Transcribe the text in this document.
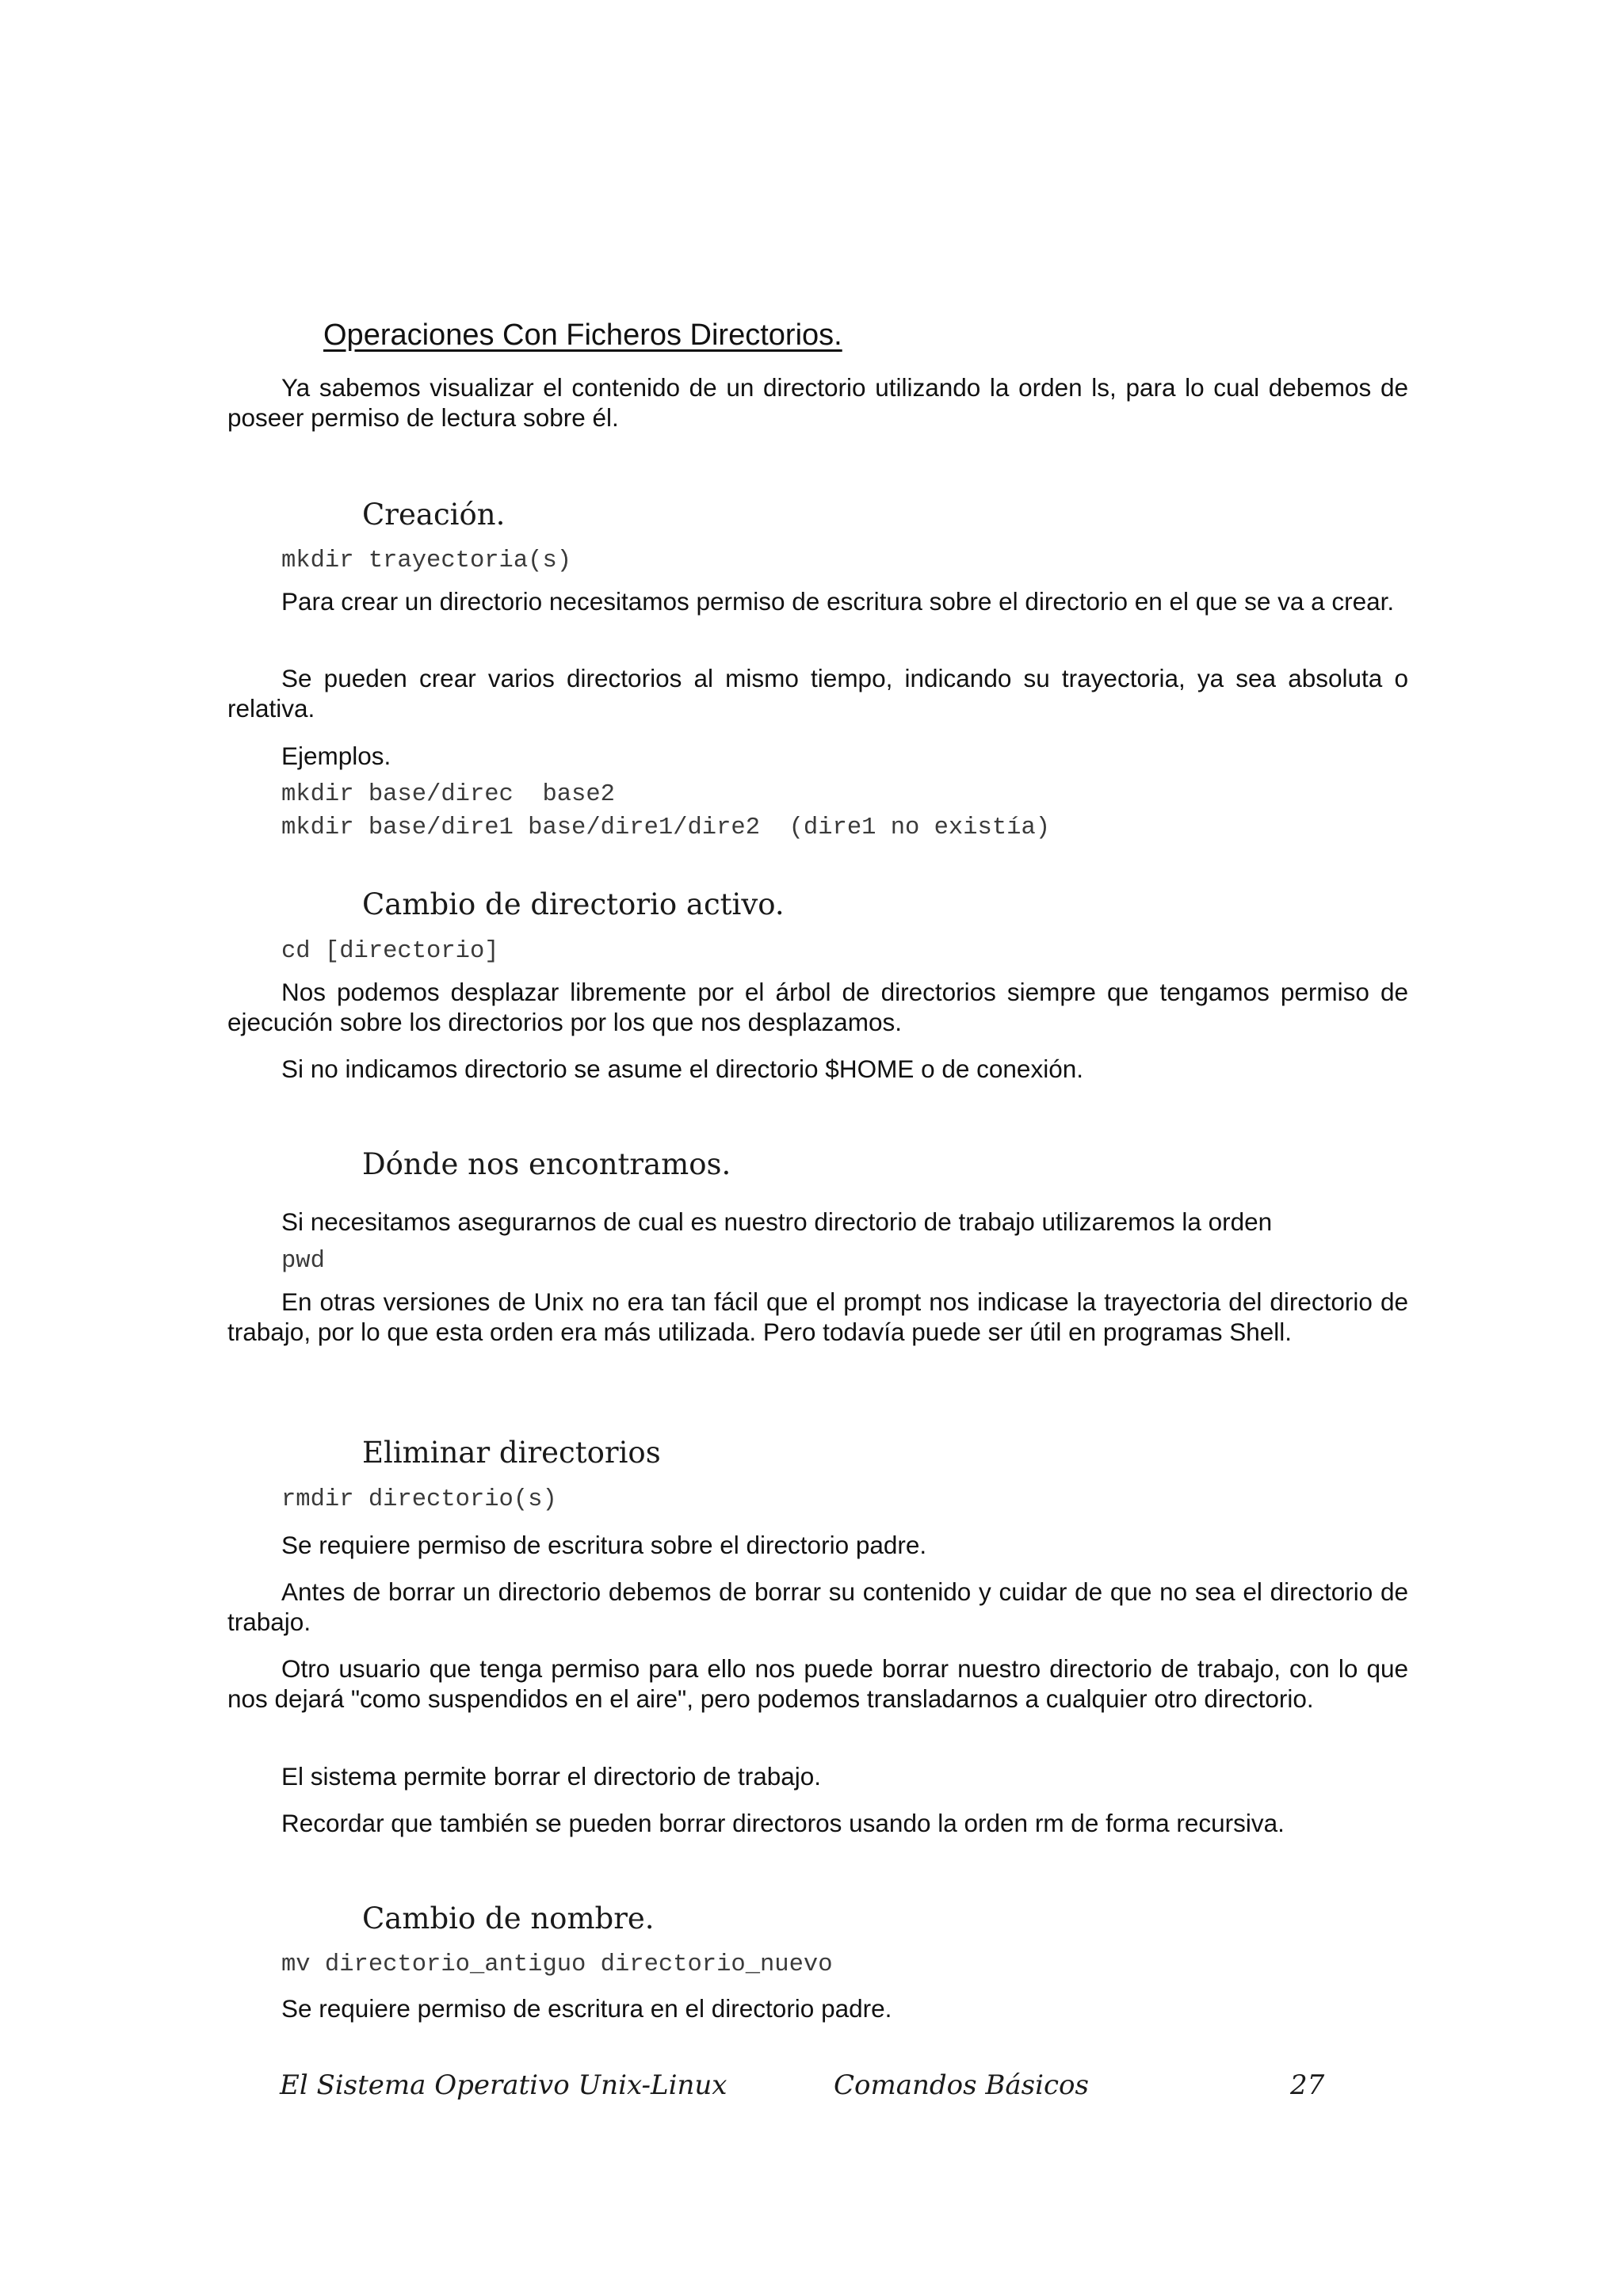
Operaciones Con Ficheros Directorios.
Ya sabemos visualizar el contenido de un directorio utilizando la orden ls, para lo cual debemos de poseer permiso de lectura sobre él.
Creación.
mkdir trayectoria(s)
Para crear un directorio necesitamos permiso de escritura sobre el directorio en el que se va a crear.
Se pueden crear varios directorios al mismo tiempo, indicando su trayectoria, ya sea absoluta o relativa.
Ejemplos.
mkdir base/direc  base2
mkdir base/dire1 base/dire1/dire2  (dire1 no existía)
Cambio de directorio activo.
cd [directorio]
Nos podemos desplazar libremente por el árbol de directorios siempre que tengamos permiso de ejecución sobre los directorios por los que nos desplazamos.
Si no indicamos directorio se asume el directorio $HOME o de conexión.
Dónde nos encontramos.
Si necesitamos asegurarnos de cual es nuestro directorio de trabajo utilizaremos la orden
pwd
En otras versiones de Unix no era tan fácil que el prompt nos indicase la trayectoria del directorio de trabajo, por lo que esta orden era más utilizada. Pero todavía puede ser útil en programas Shell.
Eliminar directorios
rmdir directorio(s)
Se requiere permiso de escritura sobre el directorio padre.
Antes de borrar un directorio debemos de borrar su contenido y cuidar de que no sea el directorio de trabajo.
Otro usuario que tenga permiso para ello nos puede borrar nuestro directorio de trabajo, con lo que nos dejará "como suspendidos en el aire", pero podemos transladarnos a cualquier otro directorio.
El sistema permite borrar el directorio de trabajo.
Recordar que también se pueden borrar directoros usando la orden rm de forma recursiva.
Cambio de nombre.
mv directorio_antiguo directorio_nuevo
Se requiere permiso de escritura en el directorio padre.
El Sistema Operativo Unix-Linux	Comandos Básicos	27
